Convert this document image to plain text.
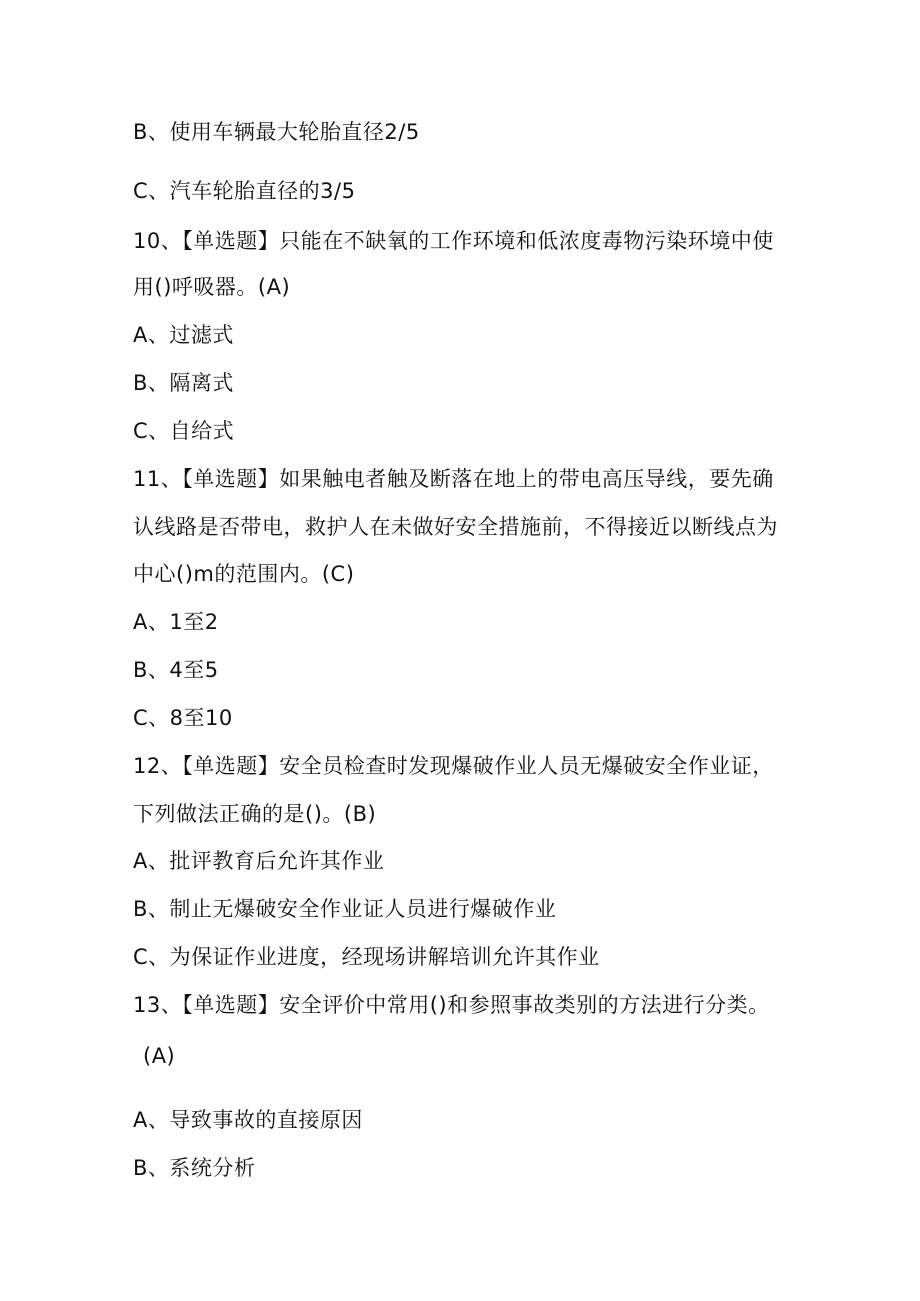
B、使用车辆最大轮胎直径2/5
C、汽车轮胎直径的3/5
10、【单选题】只能在不缺氧的工作环境和低浓度毒物污染环境中使
用()呼吸器。(A)
A、过滤式
B、隔离式
C、自给式
11、【单选题】如果触电者触及断落在地上的带电高压导线，要先确
认线路是否带电，救护人在未做好安全措施前，不得接近以断线点为
中心()m的范围内。(C)
A、1至2
B、4至5
C、8至10
12、【单选题】安全员检查时发现爆破作业人员无爆破安全作业证，
下列做法正确的是()。(B)
A、批评教育后允许其作业
B、制止无爆破安全作业证人员进行爆破作业
C、为保证作业进度，经现场讲解培训允许其作业
13、【单选题】安全评价中常用()和参照事故类别的方法进行分类。
(A)
A、导致事故的直接原因
B、系统分析
